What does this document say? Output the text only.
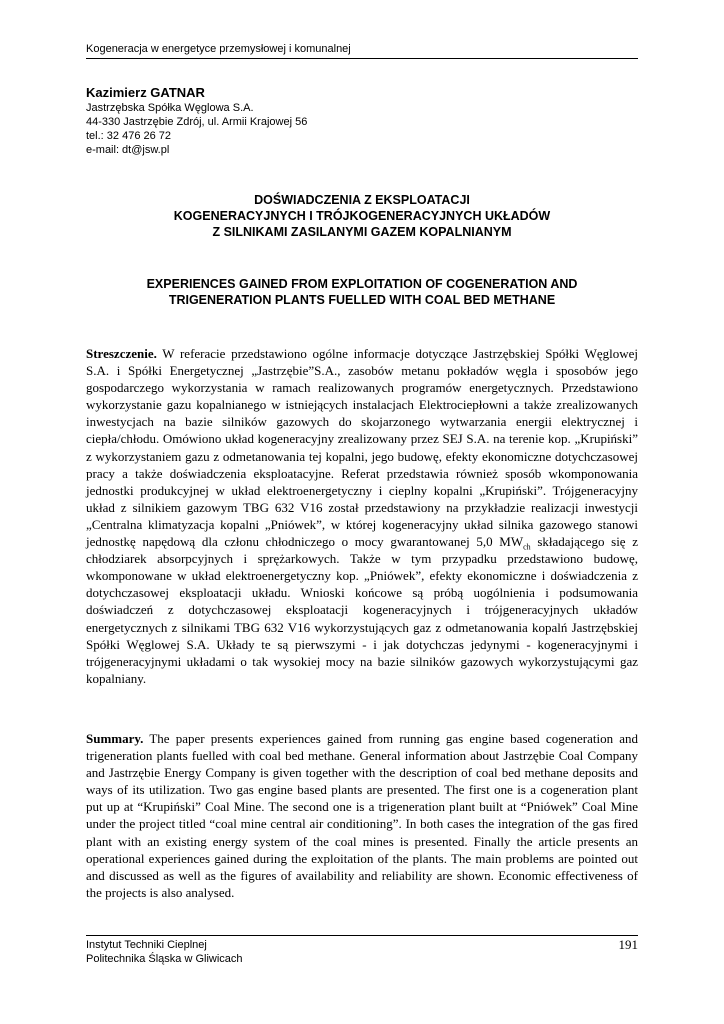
Kogeneracja w energetyce przemysłowej i komunalnej
Kazimierz GATNAR
Jastrzębska Spółka Węglowa S.A.
44-330 Jastrzębie Zdrój, ul. Armii Krajowej 56
tel.: 32 476 26 72
e-mail: dt@jsw.pl
DOŚWIADCZENIA Z EKSPLOATACJI
KOGENERACYJNYCH I TRÓJKOGENERACYJNYCH UKŁADÓW
Z SILNIKAMI ZASILANYMI GAZEM KOPALNIANYM
EXPERIENCES GAINED FROM EXPLOITATION OF COGENERATION AND
TRIGENERATION PLANTS FUELLED WITH COAL BED METHANE

Streszczenie. W referacie przedstawiono ogólne informacje dotyczące Jastrzębskiej Spółki Węglowej S.A. i Spółki Energetycznej „Jastrzębie”S.A., zasobów metanu pokładów węgla i sposobów jego gospodarczego wykorzystania w ramach realizowanych programów energetycznych. Przedstawiono wykorzystanie gazu kopalnianego w istniejących instalacjach Elektrociepłowni a także zrealizowanych inwestycjach na bazie silników gazowych do skojarzonego wytwarzania energii elektrycznej i ciepła/chłodu. Omówiono układ kogeneracyjny zrealizowany przez SEJ S.A. na terenie kop. „Krupiński” z wykorzystaniem gazu z odmetanowania tej kopalni, jego budowę, efekty ekonomiczne dotychczasowej pracy a także doświadczenia eksploatacyjne. Referat przedstawia również sposób wkomponowania jednostki produkcyjnej w układ elektroenergetyczny i cieplny kopalni „Krupiński”. Trójgeneracyjny układ z silnikiem gazowym TBG 632 V16 został przedstawiony na przykładzie realizacji inwestycji „Centralna klimatyzacja kopalni „Pniówek”, w której kogeneracyjny układ silnika gazowego stanowi jednostkę napędową dla członu chłodniczego o mocy gwarantowanej 5,0 $MW_{ch}$ składającego się z chłodziarek absorpcyjnych i sprężarkowych. Także w tym przypadku przedstawiono budowę, wkomponowane w układ elektroenergetyczny kop. „Pniówek”, efekty ekonomiczne i doświadczenia z dotychczasowej eksploatacji układu. Wnioski końcowe są próbą uogólnienia i podsumowania doświadczeń z dotychczasowej eksploatacji kogeneracyjnych i trójgeneracyjnych układów energetycznych z silnikami TBG 632 V16 wykorzystujących gaz z odmetanowania kopalń Jastrzębskiej Spółki Węglowej S.A. Układy te są pierwszymi - i jak dotychczas jedynymi - kogeneracyjnymi i trójgeneracyjnymi układami o tak wysokiej mocy na bazie silników gazowych wykorzystującymi gaz kopalniany.

Summary. The paper presents experiences gained from running gas engine based cogeneration and trigeneration plants fuelled with coal bed methane. General information about Jastrzębie Coal Company and Jastrzębie Energy Company is given together with the description of coal bed methane deposits and ways of its utilization. Two gas engine based plants are presented. The first one is a cogeneration plant put up at “Krupiński” Coal Mine. The second one is a trigeneration plant built at “Pniówek” Coal Mine under the project titled “coal mine central air conditioning”. In both cases the integration of the gas fired plant with an existing energy system of the coal mines is presented. Finally the article presents an operational experiences gained during the exploitation of the plants. The main problems are pointed out and discussed as well as the figures of availability and reliability are shown. Economic effectiveness of the projects is also analysed.

Instytut Techniki Cieplnej
Politechnika Śląska w Gliwicach
191
